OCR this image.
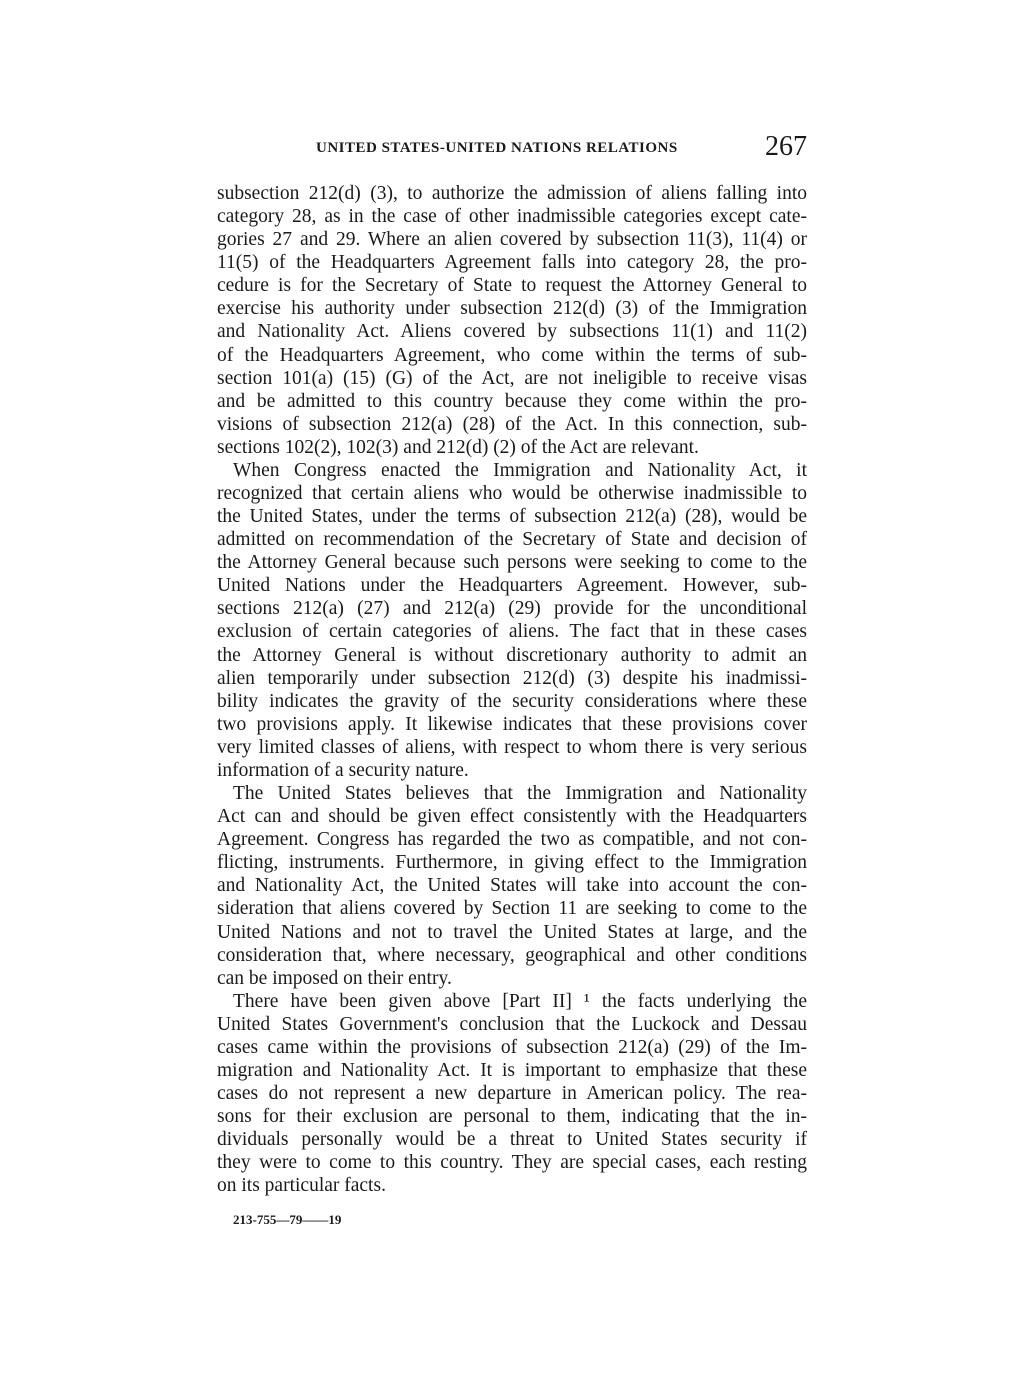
UNITED STATES-UNITED NATIONS RELATIONS	267
subsection 212(d) (3), to authorize the admission of aliens falling into
category 28, as in the case of other inadmissible categories except cate-
gories 27 and 29. Where an alien covered by subsection 11(3), 11(4) or
11(5) of the Headquarters Agreement falls into category 28, the pro-
cedure is for the Secretary of State to request the Attorney General to
exercise his authority under subsection 212(d) (3) of the Immigration
and Nationality Act. Aliens covered by subsections 11(1) and 11(2)
of the Headquarters Agreement, who come within the terms of sub-
section 101(a) (15) (G) of the Act, are not ineligible to receive visas
and be admitted to this country because they come within the pro-
visions of subsection 212(a) (28) of the Act. In this connection, sub-
sections 102(2), 102(3) and 212(d) (2) of the Act are relevant.
When Congress enacted the Immigration and Nationality Act, it
recognized that certain aliens who would be otherwise inadmissible to
the United States, under the terms of subsection 212(a) (28), would be
admitted on recommendation of the Secretary of State and decision of
the Attorney General because such persons were seeking to come to the
United Nations under the Headquarters Agreement. However, sub-
sections 212(a) (27) and 212(a) (29) provide for the unconditional
exclusion of certain categories of aliens. The fact that in these cases
the Attorney General is without discretionary authority to admit an
alien temporarily under subsection 212(d) (3) despite his inadmissi-
bility indicates the gravity of the security considerations where these
two provisions apply. It likewise indicates that these provisions cover
very limited classes of aliens, with respect to whom there is very serious
information of a security nature.
The United States believes that the Immigration and Nationality
Act can and should be given effect consistently with the Headquarters
Agreement. Congress has regarded the two as compatible, and not con-
flicting, instruments. Furthermore, in giving effect to the Immigration
and Nationality Act, the United States will take into account the con-
sideration that aliens covered by Section 11 are seeking to come to the
United Nations and not to travel the United States at large, and the
consideration that, where necessary, geographical and other conditions
can be imposed on their entry.
There have been given above [Part II] ¹ the facts underlying the
United States Government's conclusion that the Luckock and Dessau
cases came within the provisions of subsection 212(a) (29) of the Im-
migration and Nationality Act. It is important to emphasize that these
cases do not represent a new departure in American policy. The rea-
sons for their exclusion are personal to them, indicating that the in-
dividuals personally would be a threat to United States security if
they were to come to this country. They are special cases, each resting
on its particular facts.
213-755—79——19
